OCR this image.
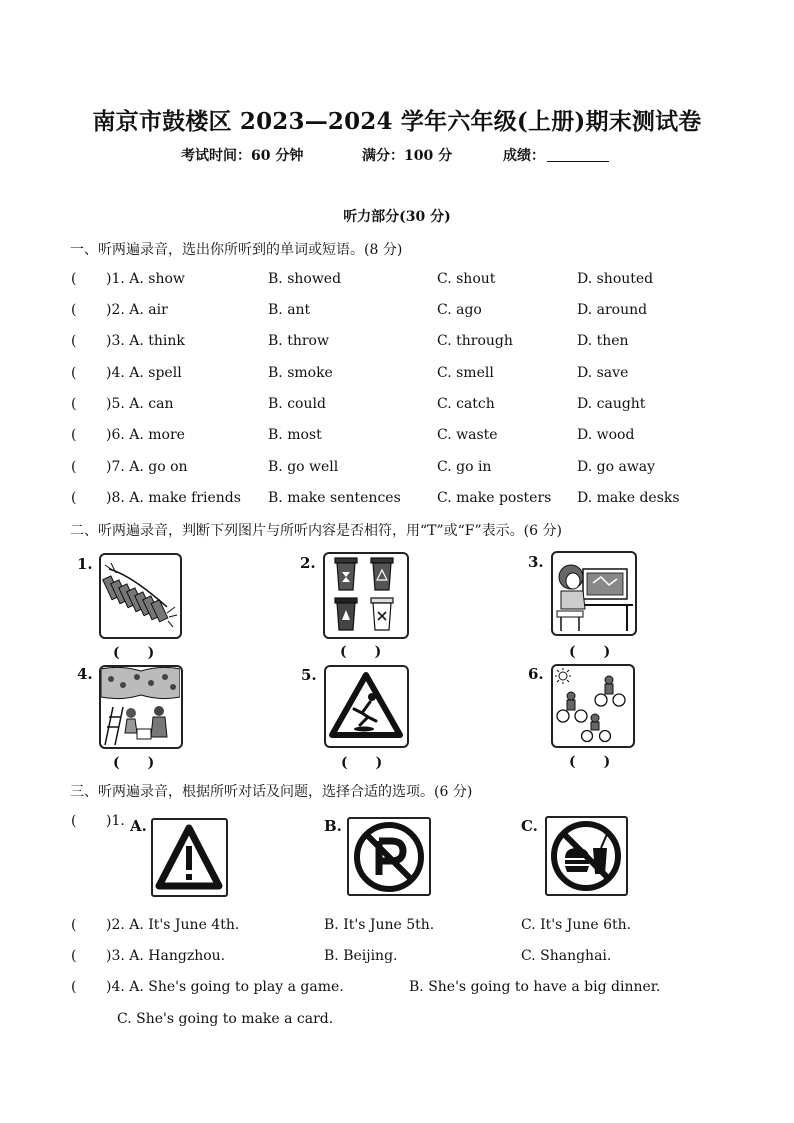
南京市鼓楼区 2023—2024 学年六年级(上册)期末测试卷
考试时间：60 分钟	满分：100 分	成绩：
听力部分(30 分)
一、听两遍录音，选出你所听到的单词或短语。(8 分)
( )1. A. show	B. showed	C. shout	D. shouted
( )2. A. air	B. ant	C. ago	D. around
( )3. A. think	B. throw	C. through	D. then
( )4. A. spell	B. smoke	C. smell	D. save
( )5. A. can	B. could	C. catch	D. caught
( )6. A. more	B. most	C. waste	D. wood
( )7. A. go on	B. go well	C. go in	D. go away
( )8. A. make friends B. make sentences	C. make posters D. make desks
二、听两遍录音，判断下列图片与所听内容是否相符，用“T”或“F”表示。(6 分)
1.
(　　)
2.
(　　)
3.
(　　)
4.
(　　)
5.
(　　)
6.
(　　)
三、听两遍录音，根据所听对话及问题，选择合适的选项。(6 分)
( )1. A.	B.	C.
( )2. A. It's June 4th.	B. It's June 5th.	C. It's June 6th.
( )3. A. Hangzhou.	B. Beijing.	C. Shanghai.
( )4. A. She's going to play a game.	B. She's going to have a big dinner.
C. She's going to make a card.
